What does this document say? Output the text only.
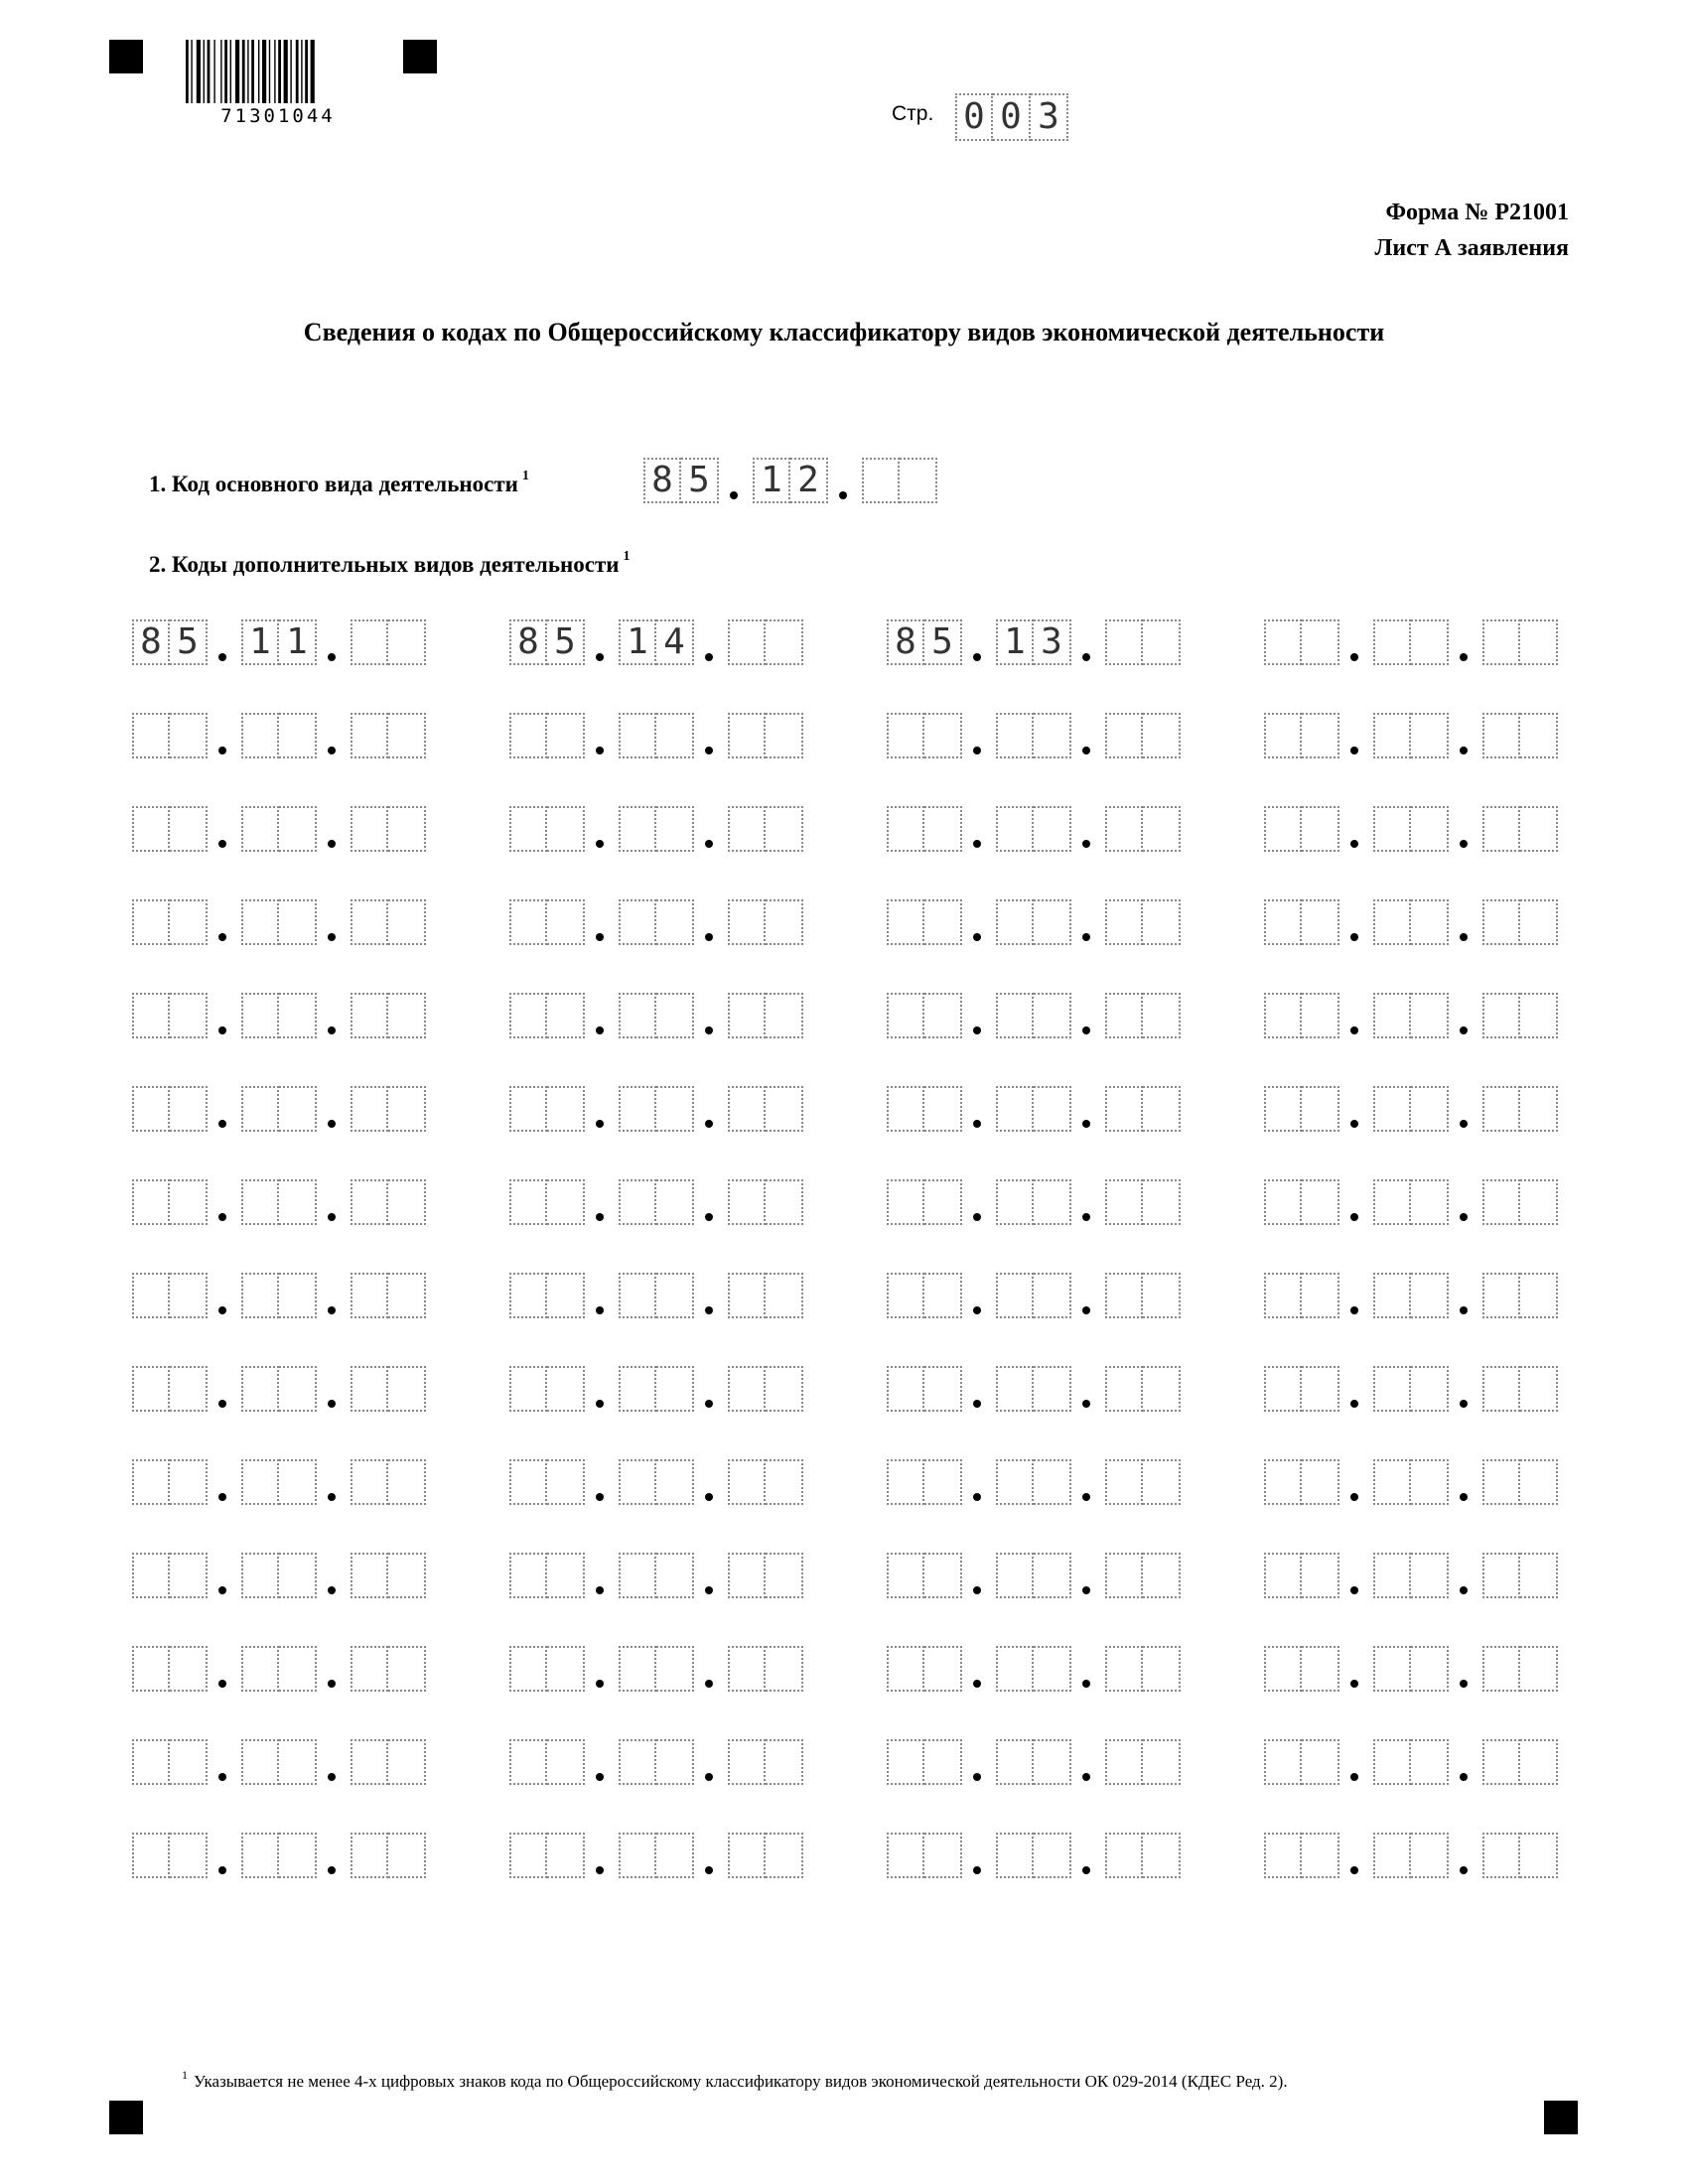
71301044	Стр. 0 0 3
Форма № Р21001
Лист А заявления
Сведения о кодах по Общероссийскому классификатору видов экономической деятельности
1. Код основного вида деятельности $^1$	8 5 1 2
2. Коды дополнительных видов деятельности $^1$
8 5 1 1	8 5 1 4	8 5 1 3
$^1$ Указывается не менее 4-х цифровых знаков кода по Общероссийскому классификатору видов экономической деятельности ОК 029-2014 (КДЕС Ред. 2).
